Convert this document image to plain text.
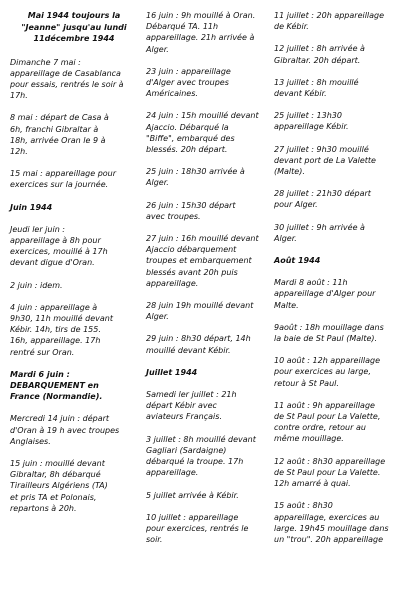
Mai 1944 toujours la
"Jeanne" jusqu'au lundi
11décembre 1944

Dimanche 7 mai :
appareillage de Casablanca
pour essais, rentrés le soir à
17h.

8 mai : départ de Casa à
6h, franchi Gibraltar à
18h, arrivée Oran le 9 à
12h.

15 mai : appareillage pour
exercices sur la journée.

Juin 1944

Jeudi ler juin :
appareillage à 8h pour
exercices, mouillé à 17h
devant digue d'Oran.

2 juin : idem.

4 juin : appareillage à
9h30, 11h mouillé devant
Kébir. 14h, tirs de 155.
16h, appareillage. 17h
rentré sur Oran.

Mardi 6 juin :
DEBARQUEMENT en
France (Normandie).

Mercredi 14 juin : départ
d'Oran à 19 h avec troupes
Anglaises.

15 juin : mouillé devant
Gibraltar, 8h débarqué
Tirailleurs Algériens (TA)
et pris TA et Polonais,
repartons à 20h.

16 juin : 9h mouillé à Oran.
Débarqué TA. 11h
appareillage. 21h arrivée à
Alger.

23 juin : appareillage
d'Alger avec troupes
Américaines.

24 juin : 15h mouillé devant
Ajaccio. Débarqué la
"Biffe", embarqué des
blessés. 20h départ.

25 juin : 18h30 arrivée à
Alger.

26 juin : 15h30 départ
avec troupes.

27 juin : 16h mouillé devant
Ajaccio débarquement
troupes et embarquement
blessés avant 20h puis
appareillage.

28 juin 19h mouillé devant
Alger.

29 juin : 8h30 départ, 14h
mouillé devant Kébir.

Juillet 1944

Samedi ler juillet : 21h
départ Kébir avec
aviateurs Français.

3 juillet : 8h mouillé devant
Gagliari (Sardaigne)
débarqué la troupe. 17h
appareillage.

5 juillet arrivée à Kébir.

10 juillet : appareillage
pour exercices, rentrés le
soir.

11 juillet : 20h appareillage
de Kébir.

12 juillet : 8h arrivée à
Gibraltar. 20h départ.

13 juillet : 8h mouillé
devant Kébir.

25 juillet : 13h30
appareillage Kébir.

27 juillet : 9h30 mouillé
devant port de La Valette
(Malte).

28 juillet : 21h30 départ
pour Alger.

30 juillet : 9h arrivée à
Alger.

Août 1944

Mardi 8 août : 11h
appareillage d'Alger pour
Malte.

9août : 18h mouillage dans
la baie de St Paul (Malte).

10 août : 12h appareillage
pour exercices au large,
retour à St Paul.

11 août : 9h appareillage
de St Paul pour La Valette,
contre ordre, retour au
même mouillage.

12 août : 8h30 appareillage
de St Paul pour La Valette.
12h amarré à quai.

15 août : 8h30
appareillage, exercices au
large. 19h45 mouillage dans
un "trou". 20h appareillage
